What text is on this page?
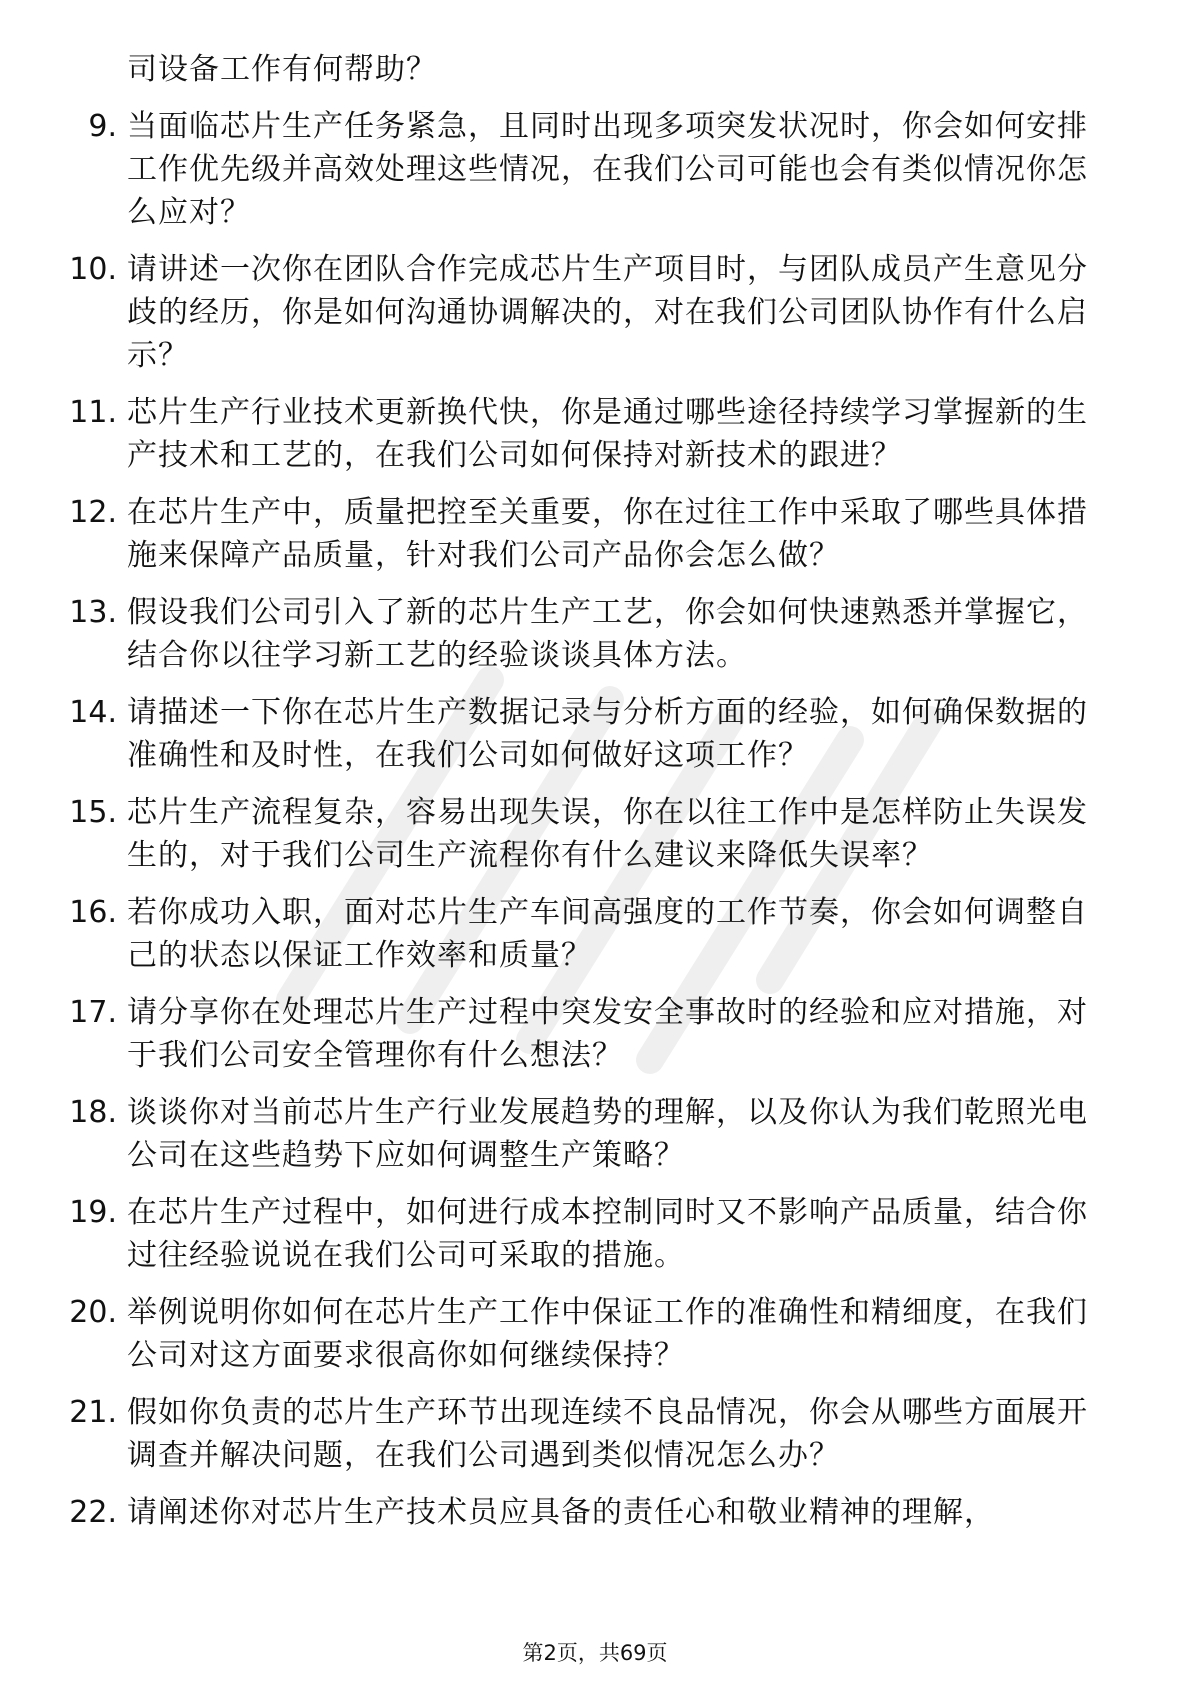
司设备工作有何帮助？
9. 当面临芯片生产任务紧急，且同时出现多项突发状况时，你会如何安排工作优先级并高效处理这些情况，在我们公司可能也会有类似情况你怎么应对？
10. 请讲述一次你在团队合作完成芯片生产项目时，与团队成员产生意见分歧的经历，你是如何沟通协调解决的，对在我们公司团队协作有什么启示？
11. 芯片生产行业技术更新换代快，你是通过哪些途径持续学习掌握新的生产技术和工艺的，在我们公司如何保持对新技术的跟进？
12. 在芯片生产中，质量把控至关重要，你在过往工作中采取了哪些具体措施来保障产品质量，针对我们公司产品你会怎么做？
13. 假设我们公司引入了新的芯片生产工艺，你会如何快速熟悉并掌握它，结合你以往学习新工艺的经验谈谈具体方法。
14. 请描述一下你在芯片生产数据记录与分析方面的经验，如何确保数据的准确性和及时性，在我们公司如何做好这项工作？
15. 芯片生产流程复杂，容易出现失误，你在以往工作中是怎样防止失误发生的，对于我们公司生产流程你有什么建议来降低失误率？
16. 若你成功入职，面对芯片生产车间高强度的工作节奏，你会如何调整自己的状态以保证工作效率和质量？
17. 请分享你在处理芯片生产过程中突发安全事故时的经验和应对措施，对于我们公司安全管理你有什么想法？
18. 谈谈你对当前芯片生产行业发展趋势的理解，以及你认为我们乾照光电公司在这些趋势下应如何调整生产策略？
19. 在芯片生产过程中，如何进行成本控制同时又不影响产品质量，结合你过往经验说说在我们公司可采取的措施。
20. 举例说明你如何在芯片生产工作中保证工作的准确性和精细度，在我们公司对这方面要求很高你如何继续保持？
21. 假如你负责的芯片生产环节出现连续不良品情况，你会从哪些方面展开调查并解决问题，在我们公司遇到类似情况怎么办？
22. 请阐述你对芯片生产技术员应具备的责任心和敬业精神的理解，
第2页，共69页
